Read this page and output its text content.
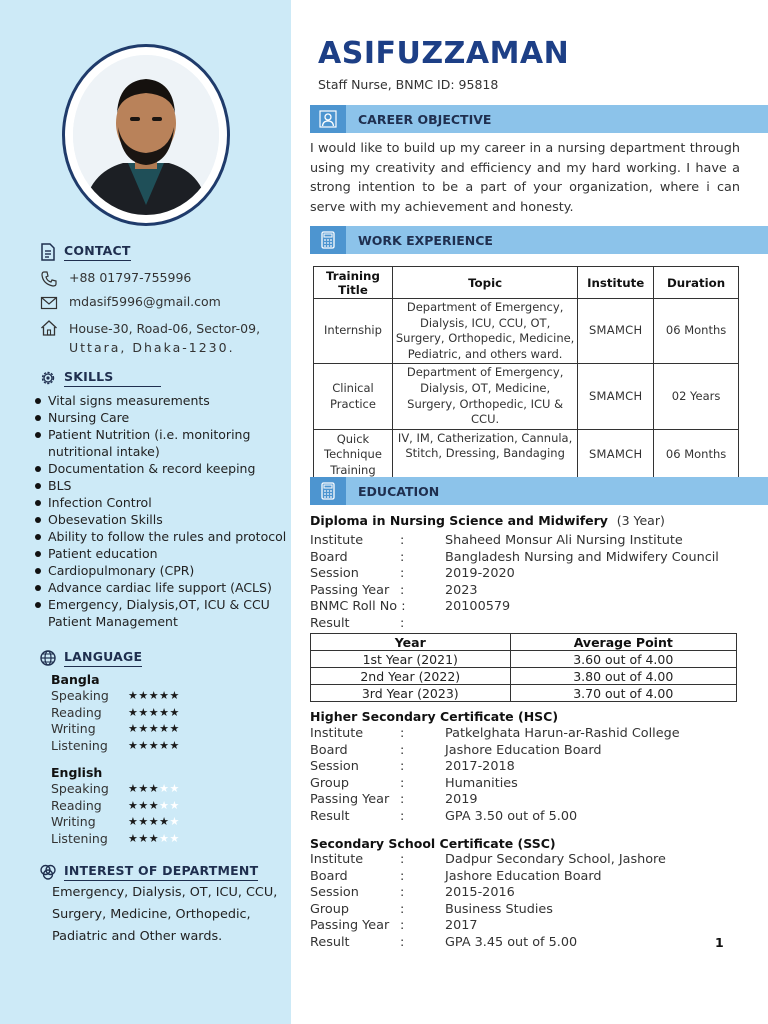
CONTACT
+88 01797-755996
mdasif5996@gmail.com
House-30, Road-06, Sector-09,
Uttara, Dhaka-1230.
SKILLS
Vital signs measurements
Nursing Care
Patient Nutrition (i.e. monitoring nutritional intake)
Documentation & record keeping
BLS
Infection Control
Obesevation Skills
Ability to follow the rules and protocol
Patient education
Cardiopulmonary (CPR)
Advance cardiac life support (ACLS)
Emergency, Dialysis,OT, ICU & CCU Patient Management
LANGUAGE
Bangla
Speaking	★★★★★
Reading	★★★★★
Writing	★★★★★
Listening	★★★★★
English
Speaking	★★★★★
Reading	★★★★★
Writing	★★★★★
Listening	★★★★★
INTEREST OF DEPARTMENT
Emergency, Dialysis, OT, ICU, CCU,
Surgery, Medicine, Orthopedic,
Padiatric and Other wards.
ASIFUZZAMAN
Staff Nurse, BNMC ID: 95818
CAREER OBJECTIVE
I would like to build up my career in a nursing department through using my creativity and efficiency and my hard working. I have a strong intention to be a part of your organization, where i can serve with my achievement and honesty.
WORK EXPERIENCE
Training Title	Topic	Institute	Duration
Internship	Department of Emergency, Dialysis, ICU, CCU, OT, Surgery, Orthopedic, Medicine, Pediatric, and others ward.	SMAMCH	06 Months
Clinical Practice	Department of Emergency, Dialysis, OT, Medicine, Surgery, Orthopedic, ICU & CCU.	SMAMCH	02 Years
Quick Technique Training	IV, IM, Catherization, Cannula, Stitch, Dressing, Bandaging	SMAMCH	06 Months
EDUCATION
Diploma in Nursing Science and Midwifery (3 Year)
Institute	:	Shaheed Monsur Ali Nursing Institute
Board	:	Bangladesh Nursing and Midwifery Council
Session	:	2019-2020
Passing Year :	2023
BNMC Roll No :	20100579
Result	:
Year	Average Point
1st Year (2021)	3.60 out of 4.00
2nd Year (2022)	3.80 out of 4.00
3rd Year (2023)	3.70 out of 4.00
Higher Secondary Certificate (HSC)
Institute	:	Patkelghata Harun-ar-Rashid College
Board	:	Jashore Education Board
Session	:	2017-2018
Group	:	Humanities
Passing Year :	2019
Result	:	GPA 3.50 out of 5.00
Secondary School Certificate (SSC)
Institute	:	Dadpur Secondary School, Jashore
Board	:	Jashore Education Board
Session	:	2015-2016
Group	:	Business Studies
Passing Year :	2017
Result	:	GPA 3.45 out of 5.00	1
